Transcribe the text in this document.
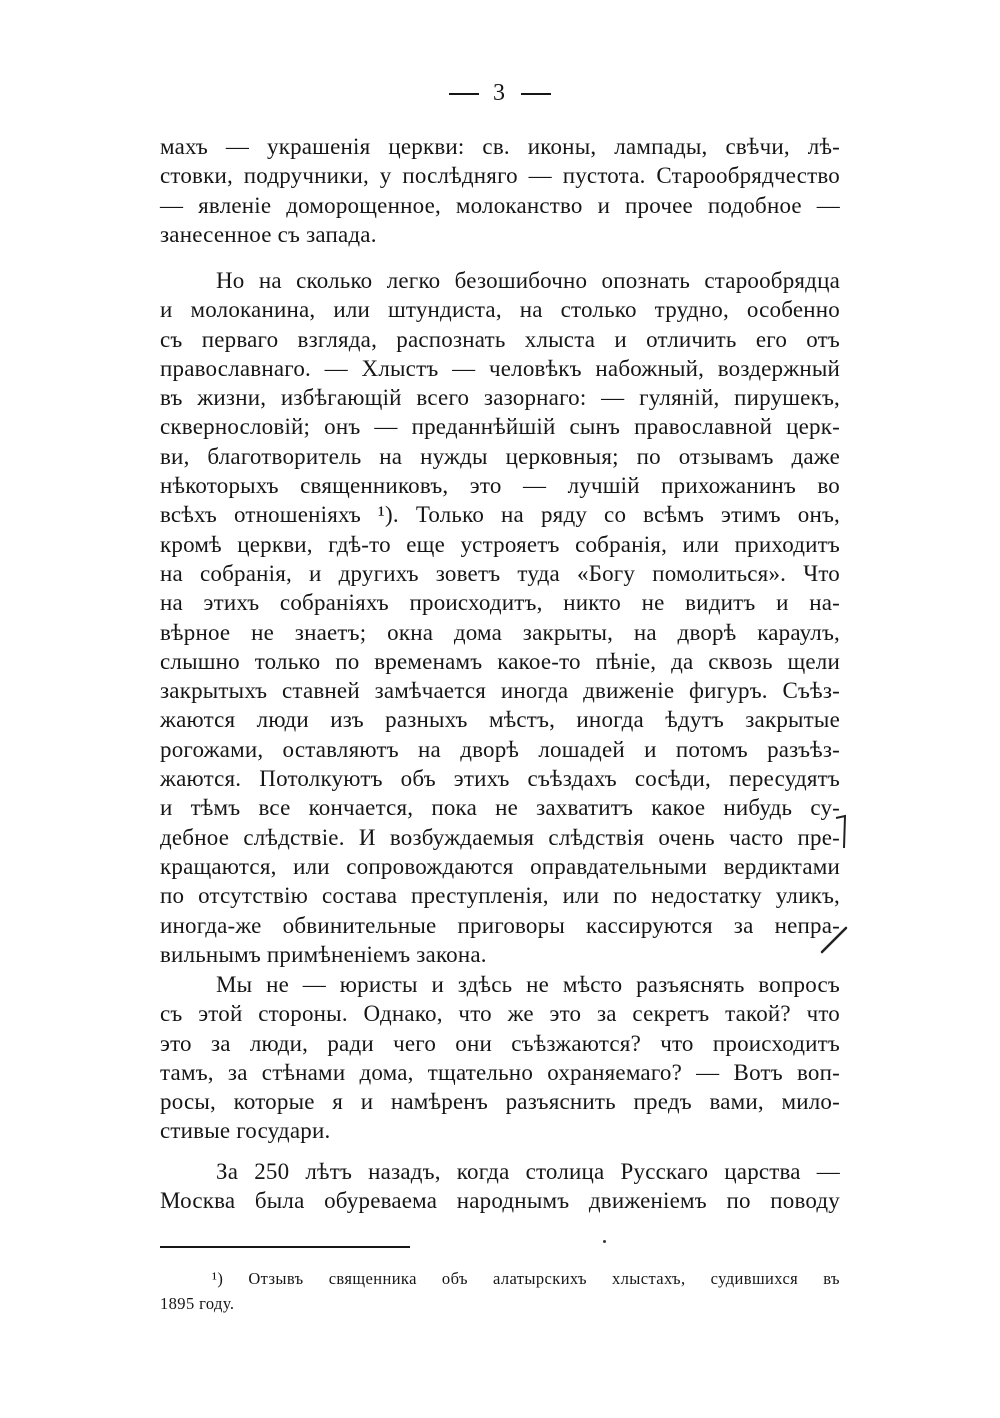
3
махъ — украшенія церкви: св. иконы, лампады, свѣчи, лѣ-
стовки, подручники, у послѣдняго — пустота. Старообрядчество
— явленіе доморощенное, молоканство и прочее подобное —
занесенное съ запада.
Но на сколько легко безошибочно опознать старообрядца
и молоканина, или штундиста, на столько трудно, особенно
съ перваго взгляда, распознать хлыста и отличить его отъ
православнаго. — Хлыстъ — человѣкъ набожный, воздержный
въ жизни, избѣгающій всего зазорнаго: — гуляній, пирушекъ,
сквернословій; онъ — преданнѣйшій сынъ православной церк-
ви, благотворитель на нужды церковныя; по отзывамъ даже
нѣкоторыхъ священниковъ, это — лучшій прихожанинъ во
всѣхъ отношеніяхъ ¹). Только на ряду со всѣмъ этимъ онъ,
кромѣ церкви, гдѣ-то еще устрояетъ собранія, или приходитъ
на собранія, и другихъ зоветъ туда «Богу помолиться». Что
на этихъ собраніяхъ происходитъ, никто не видитъ и на-
вѣрное не знаетъ; окна дома закрыты, на дворѣ караулъ,
слышно только по временамъ какое-то пѣніе, да сквозь щели
закрытыхъ ставней замѣчается иногда движеніе фигуръ. Съѣз-
жаются люди изъ разныхъ мѣстъ, иногда ѣдутъ закрытые
рогожами, оставляютъ на дворѣ лошадей и потомъ разъѣз-
жаются. Потолкуютъ объ этихъ съѣздахъ сосѣди, пересудятъ
и тѣмъ все кончается, пока не захватитъ какое нибудь су-
дебное слѣдствіе. И возбуждаемыя слѣдствія очень часто пре-
кращаются, или сопровождаются оправдательными вердиктами
по отсутствію состава преступленія, или по недостатку уликъ,
иногда-же обвинительные приговоры кассируются за непра-
вильнымъ примѣненіемъ закона.
Мы не — юристы и здѣсь не мѣсто разъяснять вопросъ
съ этой стороны. Однако, что же это за секретъ такой? что
это за люди, ради чего они съѣзжаются? что происходитъ
тамъ, за стѣнами дома, тщательно охраняемаго? — Вотъ воп-
росы, которые я и намѣренъ разъяснить предъ вами, мило-
стивые государи.
За 250 лѣтъ назадъ, когда столица Русскаго царства —
Москва была обуреваема народнымъ движеніемъ по поводу
¹) Отзывъ священника объ алатырскихъ хлыстахъ, судившихся въ
1895 году.
